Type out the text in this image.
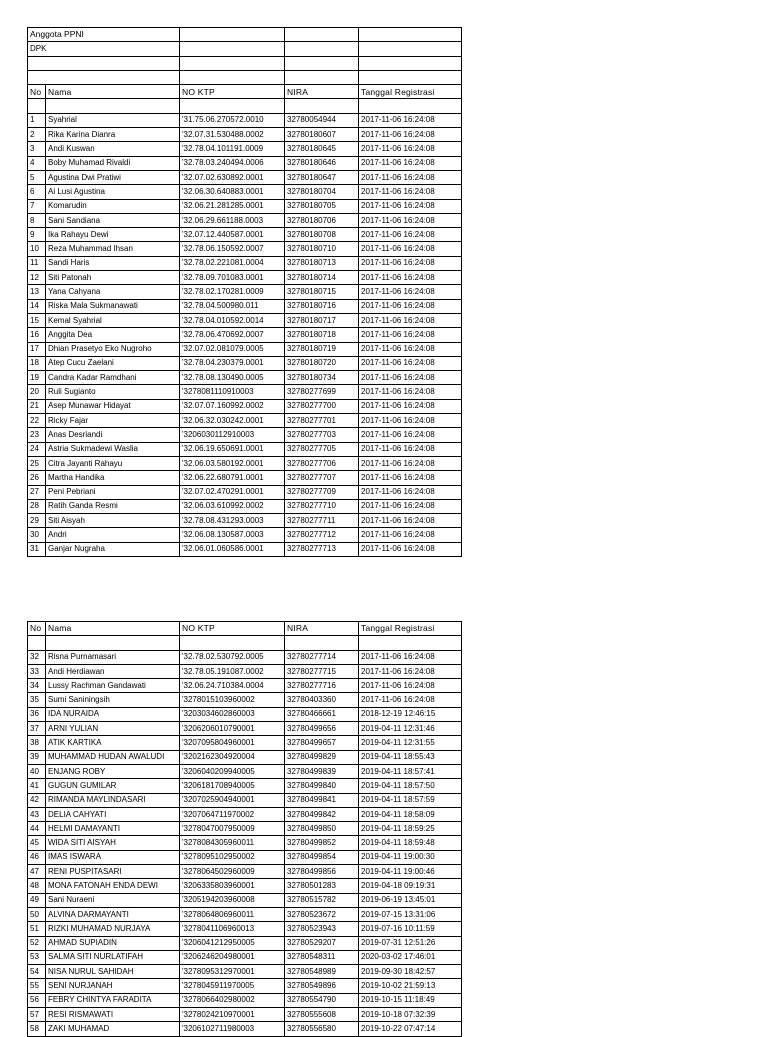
Anggota PPNI				
DPK				

No	Nama	NO KTP	NIRA	Tanggal Registrasi

1	Syahrial	'31.75.06.270572.0010	32780054944	2017-11-06 16:24:08
2	Rika Karina Dianra	'32.07.31.530488.0002	32780180607	2017-11-06 16:24:08
3	Andi Kuswan	'32.78.04.101191.0009	32780180645	2017-11-06 16:24:08
4	Boby Muhamad Rivaldi	'32.78.03.240494.0006	32780180646	2017-11-06 16:24:08
5	Agustina Dwi Pratiwi	'32.07.02.630892.0001	32780180647	2017-11-06 16:24:08
6	Ai Lusi Agustina	'32.06.30.640883.0001	32780180704	2017-11-06 16:24:08
7	Komarudin	'32.06.21.281285.0001	32780180705	2017-11-06 16:24:08
8	Sani Sandiana	'32.06.29.661188.0003	32780180706	2017-11-06 16:24:08
9	Ika Rahayu Dewi	'32.07.12.440587.0001	32780180708	2017-11-06 16:24:08
10	Reza Muhammad Ihsan	'32.78.06.150592.0007	32780180710	2017-11-06 16:24:08
11	Sandi Haris	'32.78.02.221081.0004	32780180713	2017-11-06 16:24:08
12	Siti Patonah	'32.78.09.701083.0001	32780180714	2017-11-06 16:24:08
13	Yana Cahyana	'32.78.02.170281.0009	32780180715	2017-11-06 16:24:08
14	Riska Mala Sukmanawati	'32.78.04.500980.011	32780180716	2017-11-06 16:24:08
15	Kemal Syahrial	'32.78.04.010592.0014	32780180717	2017-11-06 16:24:08
16	Anggita Dea	'32.78.06.470692.0007	32780180718	2017-11-06 16:24:08
17	Dhian Prasetyo Eko Nugroho	'32.07.02.081079.0005	32780180719	2017-11-06 16:24:08
18	Atep Cucu Zaelani	'32.78.04.230379.0001	32780180720	2017-11-06 16:24:08
19	Candra Kadar Ramdhani	'32.78.08.130490.0005	32780180734	2017-11-06 16:24:08
20	Ruli Sugianto	'3278081110910003	32780277699	2017-11-06 16:24:08
21	Asep Munawar Hidayat	'32.07.07.160992.0002	32780277700	2017-11-06 16:24:08
22	Ricky Fajar	'32.06.32.030242.0001	32780277701	2017-11-06 16:24:08
23	Anas Desriandi	'3206030112910003	32780277703	2017-11-06 16:24:08
24	Astria Sukmadewi Waslia	'32.06.19.650691.0001	32780277705	2017-11-06 16:24:08
25	Citra Jayanti Rahayu	'32.06.03.580192.0001	32780277706	2017-11-06 16:24:08
26	Martha Handika	'32.06.22.680791.0001	32780277707	2017-11-06 16:24:08
27	Peni Pebriani	'32.07.02.470291.0001	32780277709	2017-11-06 16:24:08
28	Ratih Ganda Resmi	'32.06.03.610992.0002	32780277710	2017-11-06 16:24:08
29	Siti Aisyah	'32.78.08.431293.0003	32780277711	2017-11-06 16:24:08
30	Andri	'32.06.08.130587.0003	32780277712	2017-11-06 16:24:08
31	Ganjar Nugraha	'32.06.01.060586.0001	32780277713	2017-11-06 16:24:08
No	Nama	NO KTP	NIRA	Tanggal Registrasi

32	Risna Purnamasari	'32.78.02.530792.0005	32780277714	2017-11-06 16:24:08
33	Andi Herdiawan	'32.78.05.191087.0002	32780277715	2017-11-06 16:24:08
34	Lussy Rachman Gandawati	'32.06.24.710384.0004	32780277716	2017-11-06 16:24:08
35	Sumi Saniningsih	'3278015103960002	32780403360	2017-11-06 16:24:08
36	IDA NURAIDA	'3203034602860003	32780466661	2018-12-19 12:46:15
37	ARNI YULIAN	'3206206010790001	32780499656	2019-04-11 12:31:46
38	ATIK KARTIKA	'3207095804960001	32780499657	2019-04-11 12:31:55
39	MUHAMMAD HUDAN AWALUDI	'3202162304920004	32780499829	2019-04-11 18:55:43
40	ENJANG ROBY	'3206040209940005	32780499839	2019-04-11 18:57:41
41	GUGUN GUMILAR	'3206181708940005	32780499840	2019-04-11 18:57:50
42	RIMANDA MAYLINDASARI	'3207025904940001	32780499841	2019-04-11 18:57:59
43	DELIA CAHYATI	'3207064711970002	32780499842	2019-04-11 18:58:09
44	HELMI DAMAYANTI	'3278047007950009	32780499850	2019-04-11 18:59:25
45	WIDA SITI AISYAH	'3278084305960011	32780499852	2019-04-11 18:59:48
46	IMAS ISWARA	'3278095102950002	32780499854	2019-04-11 19:00:30
47	RENI PUSPITASARI	'3278064502960009	32780499856	2019-04-11 19:00:46
48	MONA FATONAH ENDA DEWI	'3206335803960001	32780501283	2019-04-18 09:19:31
49	Sani Nuraeni	'3205194203960008	32780515782	2019-06-19 13:45:01
50	ALVINA DARMAYANTI	'3278064806960011	32780523672	2019-07-15 13:31:06
51	RIZKI MUHAMAD NURJAYA	'3278041106960013	32780523943	2019-07-16 10:11:59
52	AHMAD SUPIADIN	'3206041212950005	32780529207	2019-07-31 12:51:26
53	SALMA SITI NURLATIFAH	'3206246204980001	32780548311	2020-03-02 17:46:01
54	NISA NURUL SAHIDAH	'3278095312970001	32780548989	2019-09-30 18:42:57
55	SENI NURJANAH	'3278045911970005	32780549896	2019-10-02 21:59:13
56	FEBRY CHINTYA FARADITA	'3278066402980002	32780554790	2019-10-15 11:18:49
57	RESI RISMAWATI	'3278024210970001	32780555608	2019-10-18 07:32:39
58	ZAKI MUHAMAD	'3206102711980003	32780556580	2019-10-22 07:47:14
